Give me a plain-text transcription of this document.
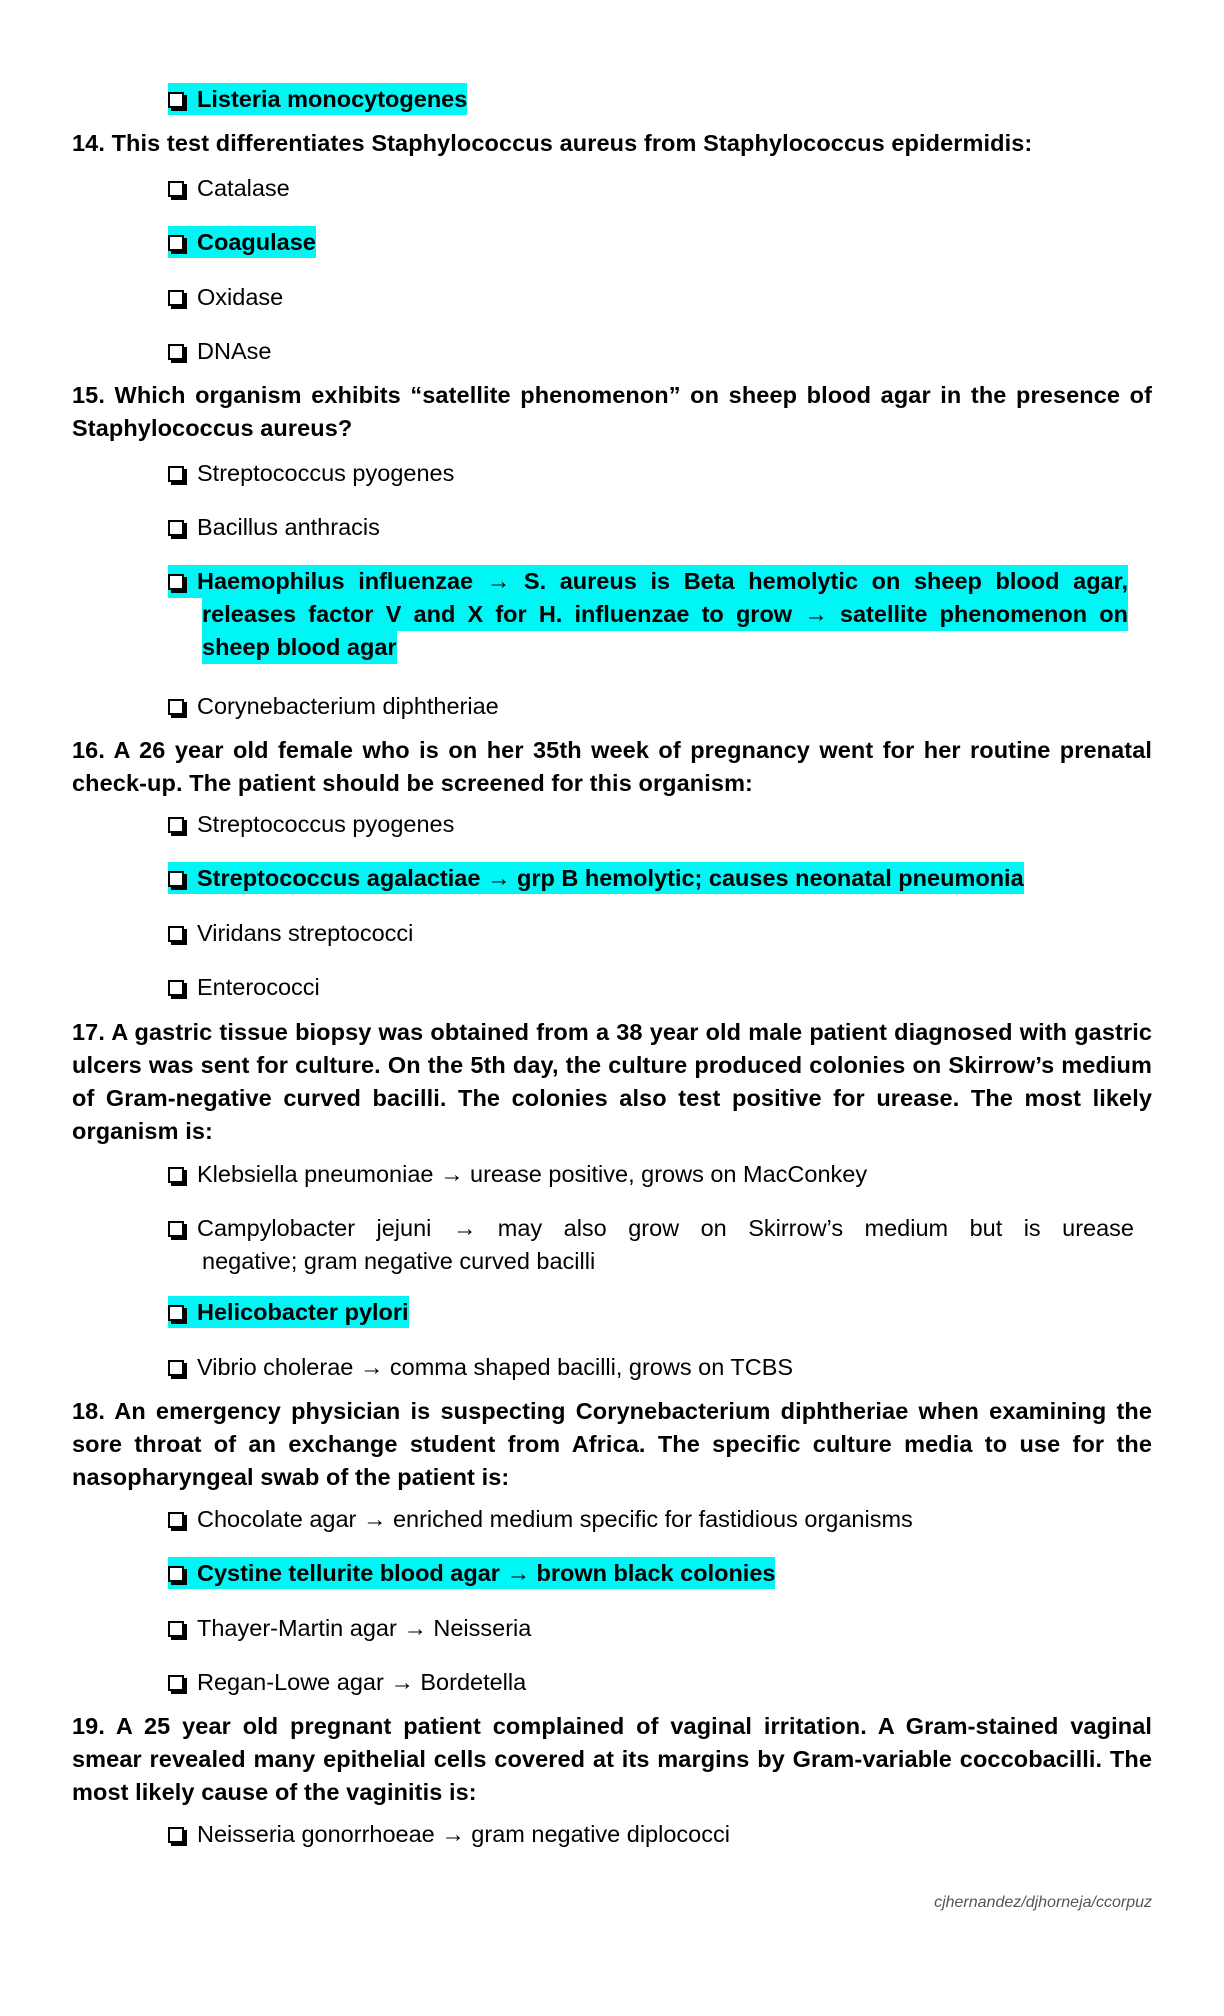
Listeria monocytogenes
14. This test differentiates Staphylococcus aureus from Staphylococcus epidermidis:
Catalase
Coagulase
Oxidase
DNAse
15. Which organism exhibits “satellite phenomenon” on sheep blood agar in the presence of Staphylococcus aureus?
Streptococcus pyogenes
Bacillus anthracis
Haemophilus influenzae → S. aureus is Beta hemolytic on sheep blood agar, releases factor V and X for H. influenzae to grow → satellite phenomenon on sheep blood agar
Corynebacterium diphtheriae
16. A 26 year old female who is on her 35th week of pregnancy went for her routine prenatal check-up. The patient should be screened for this organism:
Streptococcus pyogenes
Streptococcus agalactiae → grp B hemolytic; causes neonatal pneumonia
Viridans streptococci
Enterococci
17. A gastric tissue biopsy was obtained from a 38 year old male patient diagnosed with gastric ulcers was sent for culture. On the 5th day, the culture produced colonies on Skirrow’s medium of Gram-negative curved bacilli. The colonies also test positive for urease. The most likely organism is:
Klebsiella pneumoniae → urease positive, grows on MacConkey
Campylobacter jejuni → may also grow on Skirrow’s medium but is urease
negative; gram negative curved bacilli
Helicobacter pylori
Vibrio cholerae → comma shaped bacilli, grows on TCBS
18. An emergency physician is suspecting Corynebacterium diphtheriae when examining the sore throat of an exchange student from Africa. The specific culture media to use for the nasopharyngeal swab of the patient is:
Chocolate agar → enriched medium specific for fastidious organisms
Cystine tellurite blood agar → brown black colonies
Thayer-Martin agar → Neisseria
Regan-Lowe agar → Bordetella
19. A 25 year old pregnant patient complained of vaginal irritation. A Gram-stained vaginal smear revealed many epithelial cells covered at its margins by Gram-variable coccobacilli. The most likely cause of the vaginitis is:
Neisseria gonorrhoeae → gram negative diplococci
cjhernandez/djhorneja/ccorpuz
